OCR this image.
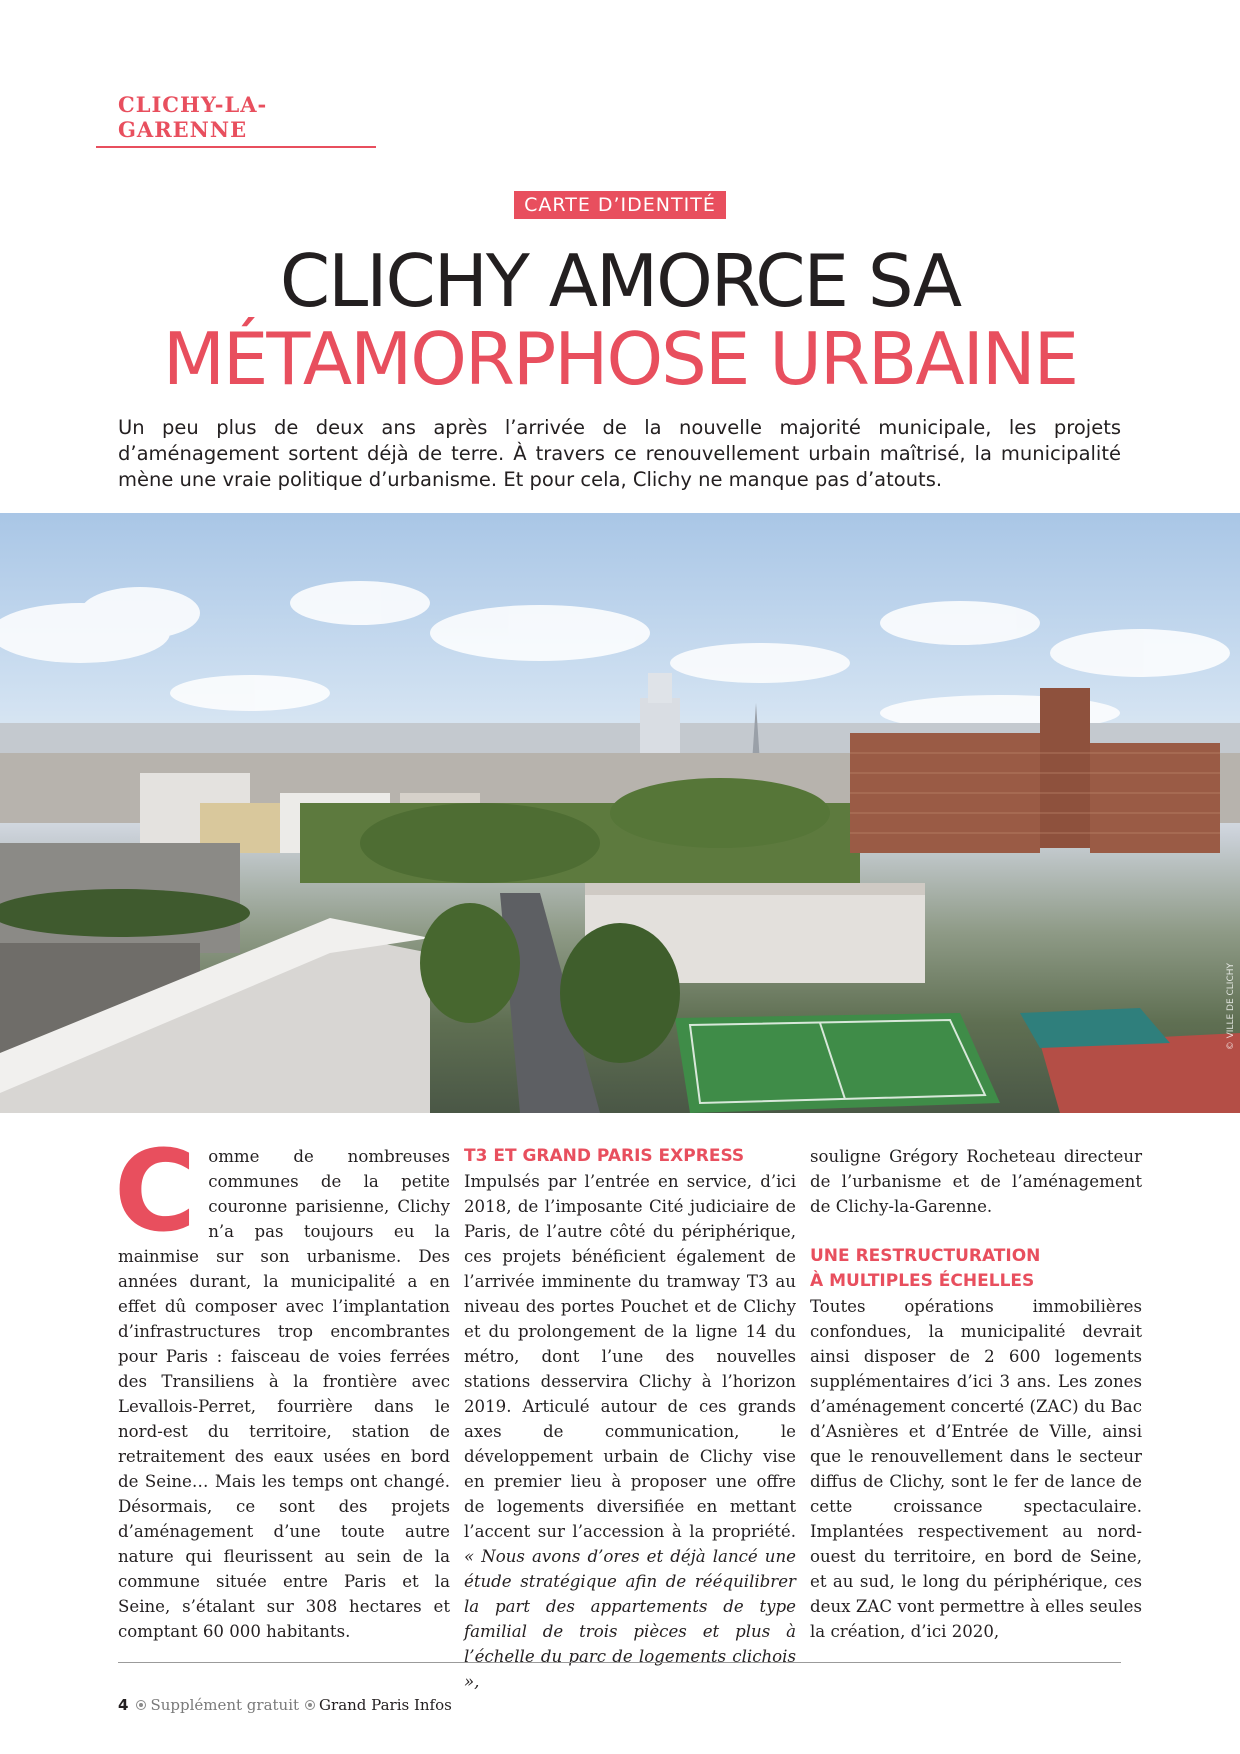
CLICHY-LA-GARENNE
CARTE D’IDENTITÉ
CLICHY AMORCE SA
MÉTAMORPHOSE URBAINE

Un peu plus de deux ans après l’arrivée de la nouvelle majorité municipale, les projets d’aménagement sortent déjà de terre. À travers ce renouvellement urbain maîtrisé, la municipalité mène une vraie politique d’urbanisme. Et pour cela, Clichy ne manque pas d’atouts.

© VILLE DE CLICHY

Comme de nombreuses communes de la petite couronne parisienne, Clichy n’a pas toujours eu la mainmise sur son urbanisme. Des années durant, la municipalité a en effet dû composer avec l’implantation d’infrastructures trop encombrantes pour Paris : faisceau de voies ferrées des Transiliens à la frontière avec Levallois-Perret, fourrière dans le nord-est du territoire, station de retraitement des eaux usées en bord de Seine… Mais les temps ont changé. Désormais, ce sont des projets d’aménagement d’une toute autre nature qui fleurissent au sein de la commune située entre Paris et la Seine, s’étalant sur 308 hectares et comptant 60 000 habitants.

T3 ET GRAND PARIS EXPRESS

Impulsés par l’entrée en service, d’ici 2018, de l’imposante Cité judiciaire de Paris, de l’autre côté du périphérique, ces projets bénéficient également de l’arrivée imminente du tramway T3 au niveau des portes Pouchet et de Clichy et du prolongement de la ligne 14 du métro, dont l’une des nouvelles stations desservira Clichy à l’horizon 2019. Articulé autour de ces grands axes de communication, le développement urbain de Clichy vise en premier lieu à proposer une offre de logements diversifiée en mettant l’accent sur l’accession à la propriété. « Nous avons d’ores et déjà lancé une étude stratégique afin de rééquilibrer la part des appartements de type familial de trois pièces et plus à l’échelle du parc de logements clichois »,

souligne Grégory Rocheteau directeur de l’urbanisme et de l’aménagement de Clichy-la-Garenne.

UNE RESTRUCTURATION
À MULTIPLES ÉCHELLES

Toutes opérations immobilières confondues, la municipalité devrait ainsi disposer de 2 600 logements supplémentaires d’ici 3 ans. Les zones d’aménagement concerté (ZAC) du Bac d’Asnières et d’Entrée de Ville, ainsi que le renouvellement dans le secteur diffus de Clichy, sont le fer de lance de cette croissance spectaculaire. Implantées respectivement au nord-ouest du territoire, en bord de Seine, et au sud, le long du périphérique, ces deux ZAC vont permettre à elles seules la création, d’ici 2020,

4 Supplément gratuit Grand Paris Infos
